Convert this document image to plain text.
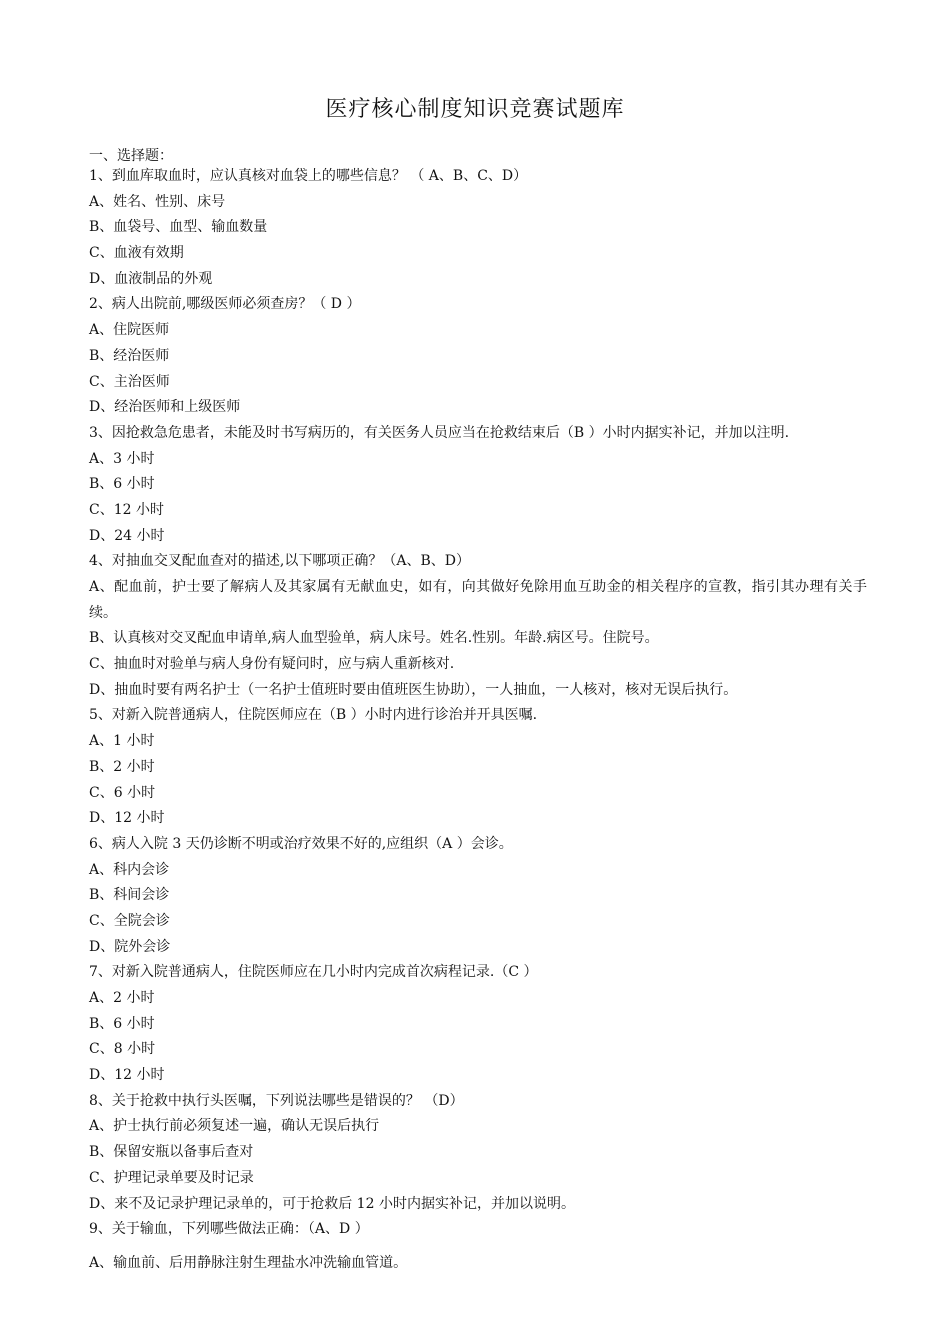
医疗核心制度知识竞赛试题库
一、选择题：
1、到血库取血时，应认真核对血袋上的哪些信息？ （ A、B、C、D）
A、姓名、性别、床号
B、血袋号、血型、输血数量
C、血液有效期
D、血液制品的外观
2、病人出院前,哪级医师必须查房？（ D ）
A、住院医师
B、经治医师
C、主治医师
D、经治医师和上级医师
3、因抢救急危患者，未能及时书写病历的，有关医务人员应当在抢救结束后（B ）小时内据实补记，并加以注明.
A、3 小时
B、6 小时
C、12 小时
D、24 小时
4、对抽血交叉配血查对的描述,以下哪项正确？（A、B、D）
A、配血前，护士要了解病人及其家属有无献血史，如有，向其做好免除用血互助金的相关程序的宣教，指引其办理有关手续。
B、认真核对交叉配血申请单,病人血型验单，病人床号。姓名.性别。年龄.病区号。住院号。
C、抽血时对验单与病人身份有疑问时，应与病人重新核对.
D、抽血时要有两名护士（一名护士值班时要由值班医生协助），一人抽血，一人核对，核对无误后执行。
5、对新入院普通病人，住院医师应在（B ）小时内进行诊治并开具医嘱.
A、1 小时
B、2 小时
C、6 小时
D、12 小时
6、病人入院 3 天仍诊断不明或治疗效果不好的,应组织（A ）会诊。
A、科内会诊
B、科间会诊
C、全院会诊
D、院外会诊
7、对新入院普通病人，住院医师应在几小时内完成首次病程记录.（C ）
A、2 小时
B、6 小时
C、8 小时
D、12 小时
8、关于抢救中执行头医嘱，下列说法哪些是错误的？ （D）
A、护士执行前必须复述一遍，确认无误后执行
B、保留安瓶以备事后查对
C、护理记录单要及时记录
D、来不及记录护理记录单的，可于抢救后 12 小时内据实补记，并加以说明。
9、关于输血，下列哪些做法正确：（A、D ）
A、输血前、后用静脉注射生理盐水冲洗输血管道。
